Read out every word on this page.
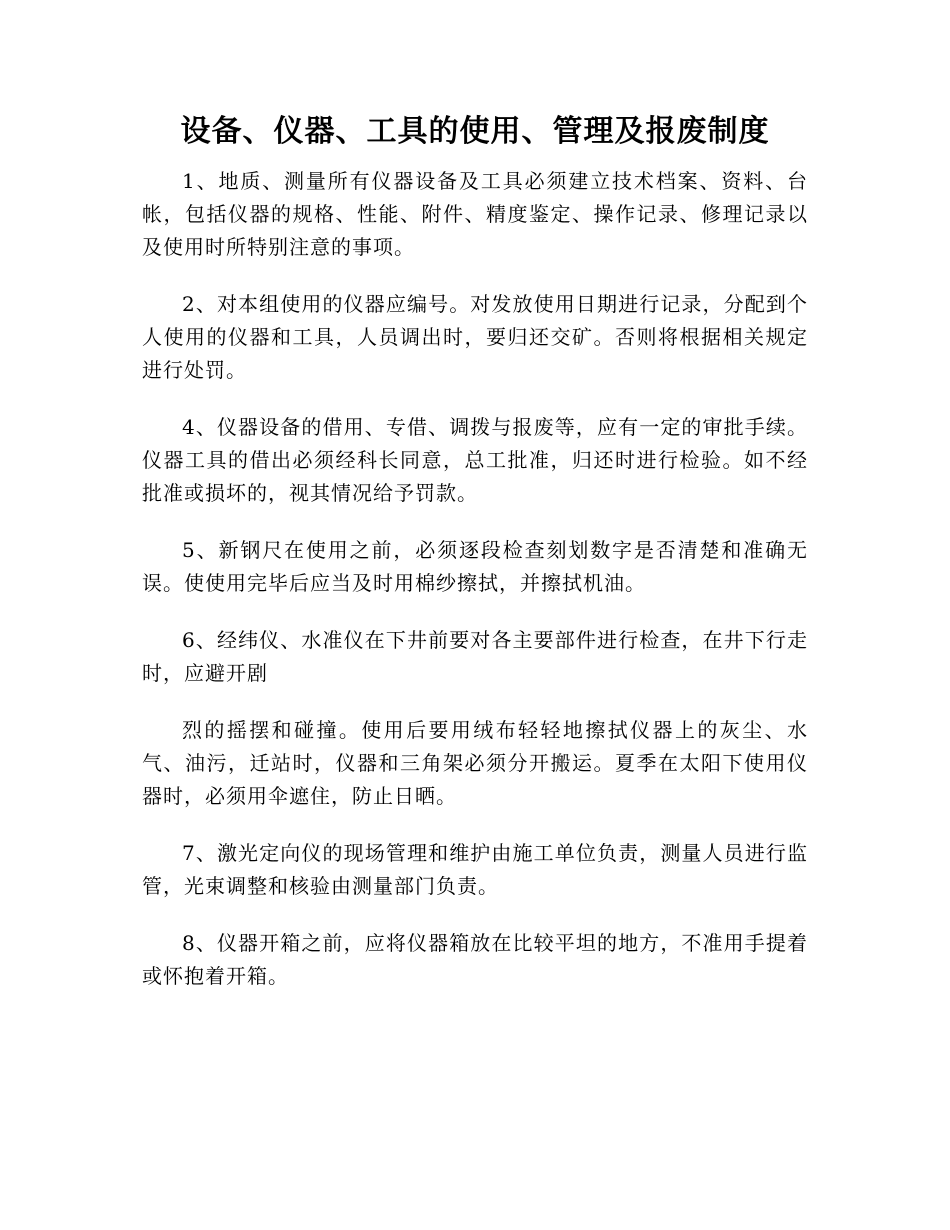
设备、仪器、工具的使用、管理及报废制度

1、地质、测量所有仪器设备及工具必须建立技术档案、资料、台帐，包括仪器的规格、性能、附件、精度鉴定、操作记录、修理记录以及使用时所特别注意的事项。

2、对本组使用的仪器应编号。对发放使用日期进行记录，分配到个人使用的仪器和工具，人员调出时，要归还交矿。否则将根据相关规定进行处罚。

4、仪器设备的借用、专借、调拨与报废等，应有一定的审批手续。仪器工具的借出必须经科长同意，总工批准，归还时进行检验。如不经批准或损坏的，视其情况给予罚款。

5、新钢尺在使用之前，必须逐段检查刻划数字是否清楚和准确无误。使使用完毕后应当及时用棉纱擦拭，并擦拭机油。

6、经纬仪、水准仪在下井前要对各主要部件进行检查，在井下行走时，应避开剧

烈的摇摆和碰撞。使用后要用绒布轻轻地擦拭仪器上的灰尘、水气、油污，迁站时，仪器和三角架必须分开搬运。夏季在太阳下使用仪器时，必须用伞遮住，防止日晒。

7、激光定向仪的现场管理和维护由施工单位负责，测量人员进行监管，光束调整和核验由测量部门负责。

8、仪器开箱之前，应将仪器箱放在比较平坦的地方，不准用手提着或怀抱着开箱。
